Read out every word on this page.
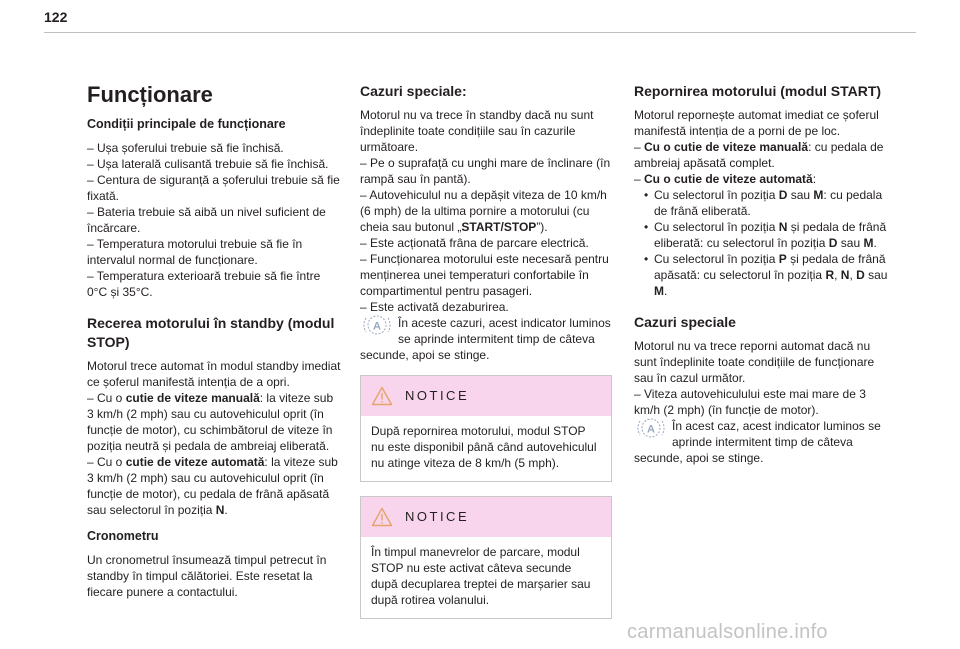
122
Funcționare
Condiții principale de funcționare

– Ușa șoferului trebuie să fie închisă.

– Ușa laterală culisantă trebuie să fie închisă.

– Centura de siguranță a șoferului trebuie să fie fixată.

– Bateria trebuie să aibă un nivel suficient de încărcare.

– Temperatura motorului trebuie să fie în intervalul normal de funcționare.

– Temperatura exterioară trebuie să fie între 0°C și 35°C.

Recerea motorului în standby (modul STOP)

Motorul trece automat în modul standby imediat ce șoferul manifestă intenția de a opri.

– Cu o cutie de viteze manuală: la viteze sub 3 km/h (2 mph) sau cu autovehiculul oprit (în funcție de motor), cu schimbătorul de viteze în poziția neutră și pedala de ambreiaj eliberată.

– Cu o cutie de viteze automată: la viteze sub 3 km/h (2 mph) sau cu autovehiculul oprit (în funcție de motor), cu pedala de frână apăsată sau selectorul în poziția N.

Cronometru

Un cronometrul însumează timpul petrecut în standby în timpul călătoriei. Este resetat la fiecare punere a contactului.

Cazuri speciale:

Motorul nu va trece în standby dacă nu sunt îndeplinite toate condițiile sau în cazurile următoare.

– Pe o suprafață cu unghi mare de înclinare (în rampă sau în pantă).

– Autovehiculul nu a depășit viteza de 10 km/h (6 mph) de la ultima pornire a motorului (cu cheia sau butonul „START/STOP”).

– Este acționată frâna de parcare electrică.

– Funcționarea motorului este necesară pentru menținerea unei temperaturi confortabile în compartimentul pentru pasageri.

– Este activată dezaburirea.

A În aceste cazuri, acest indicator luminos se aprinde intermitent timp de câteva

secunde, apoi se stinge.

NOTICE
După repornirea motorului, modul STOP nu este disponibil până când autovehiculul nu atinge viteza de 8 km/h (5 mph).
NOTICE
În timpul manevrelor de parcare, modul STOP nu este activat câteva secunde după decuplarea treptei de marșarier sau după rotirea volanului.
Repornirea motorului (modul START)

Motorul repornește automat imediat ce șoferul manifestă intenția de a porni de pe loc.

– Cu o cutie de viteze manuală: cu pedala de ambreiaj apăsată complet.

– Cu o cutie de viteze automată:

• Cu selectorul în poziția D sau M: cu pedala de frână eliberată.

• Cu selectorul în poziția N și pedala de frână eliberată: cu selectorul în poziția D sau M.

• Cu selectorul în poziția P și pedala de frână apăsată: cu selectorul în poziția R, N, D sau M.

Cazuri speciale

Motorul nu va trece reporni automat dacă nu sunt îndeplinite toate condițiile de funcționare sau în cazul următor.

– Viteza autovehiculului este mai mare de 3 km/h (2 mph) (în funcție de motor).

A În acest caz, acest indicator luminos se aprinde intermitent timp de câteva

secunde, apoi se stinge.

carmanualsonline.info
